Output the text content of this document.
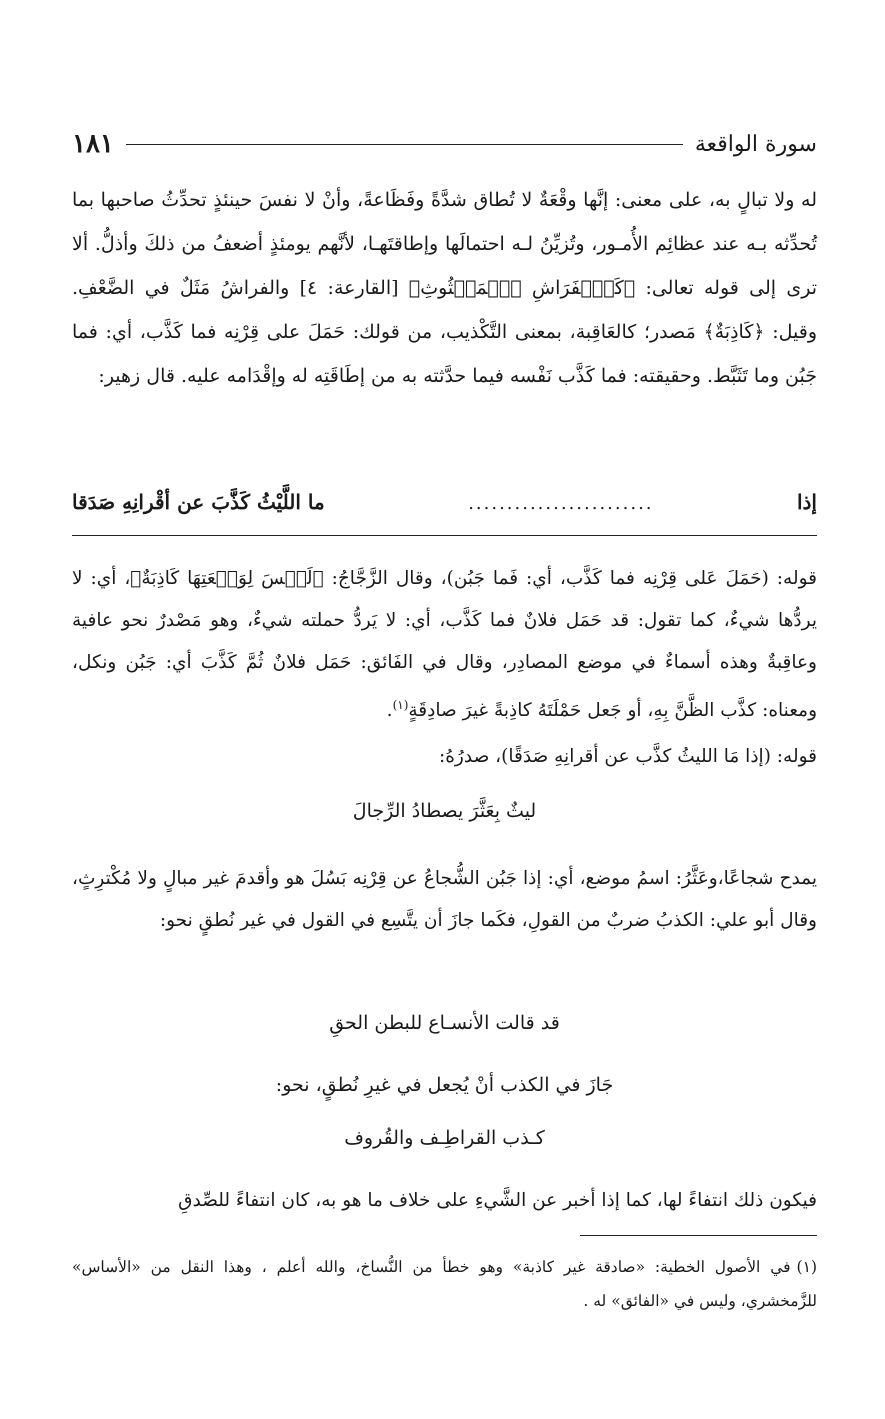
سورة الواقعة
١٨١
له ولا تبالٍ به، على معنى: إنَّها وقْعَةٌ لا تُطاق شدَّةً وفَظَاعةً، وأنْ لا نفسَ حينئذٍ تحدِّثُ صاحبها بما تُحدِّثه بـه عند عظائِم الأُمـور، وتُزيِّنُ لـه احتمالَها وإطاقتَهـا، لأنَّهم يومئذٍ أضعفُ من ذلكَ وأذلُّ. ألا ترى إلى قوله تعالى: ﴿كَٱلۡفَرَاشِ ٱلۡمَبۡثُوثِ﴾ [القارعة: ٤] والفراشُ مَثَلٌ في الضَّعْفِ. وقيل: ﴿كَاذِبَةٌ﴾ مَصدر؛ كالعَاقِبة، بمعنى التَّكْذيب، من قولك: حَمَلَ على قِرْنِه فما كَذَّب، أي: فما جَبُن وما تَثَبَّط. وحقيقته: فما كَذَّب نَفْسه فيما حدَّثته به من إطَاقَتِه له وإقْدَامه عليه. قال زهير:
إذا
........................
ما اللَّيْثُ كَذَّبَ عن أقْرانِهِ صَدَقا
قوله: (حَمَلَ عَلى قِرْنِه فما كَذَّب، أي: فَما جَبُن)، وقال الزَّجَّاجُ: ﴿لَيۡسَ لِوَقۡعَتِهَا كَاذِبَةٌ﴾، أي: لا يردُّها شيءٌ، كما تقول: قد حَمَل فلانٌ فما كَذَّب، أي: لا يَردُّ حملته شيءٌ، وهو مَصْدرٌ نحو عافية وعاقِبةٌ وهذه أسماءٌ في موضع المصادِر، وقال في الفَائق: حَمَل فلانٌ ثُمَّ كَذَّبَ أي: جَبُن ونكل، ومعناه: كذَّب الظَّنَّ بِهِ، أو جَعل حَمْلَتَهُ كاذِبةً غيرَ صادِقَةٍ$^{(١)}$.
قوله: (إذا مَا الليثُ كذَّب عن أقرانِهِ صَدَقًا)، صدرُهُ:
ليثٌ بِعَثَّرَ يصطادُ الرِّجالَ
يمدح شجاعًا،وعَثَّرُ: اسمُ موضع، أي: إذا جَبُن الشُّجاعُ عن قِرْنِه بَسُلَ هو وأقدمَ غير مبالٍ ولا مُكْترِثٍ، وقال أبو علي: الكذبُ ضربٌ من القولِ، فكَما جازَ أن يتَّسِع في القول في غير نُطقٍ نحو:
قد قالت الأنسـاع للبطن الحقِ
جَازَ في الكذب أنْ يُجعل في غيرِ نُطقٍ، نحو:
كـذب القراطِـف والقُروف
فيكون ذلك انتفاءً لها، كما إذا أخبر عن الشَّيءِ على خلاف ما هو به، كان انتفاءً للصِّدقِ
(١)في الأصول الخطية: «صادقة غير كاذبة» وهو خطأ من النُّساخ، والله أعلم ، وهذا النقل من «الأساس» للزَّمخشري، وليس في «الفائق» له .
